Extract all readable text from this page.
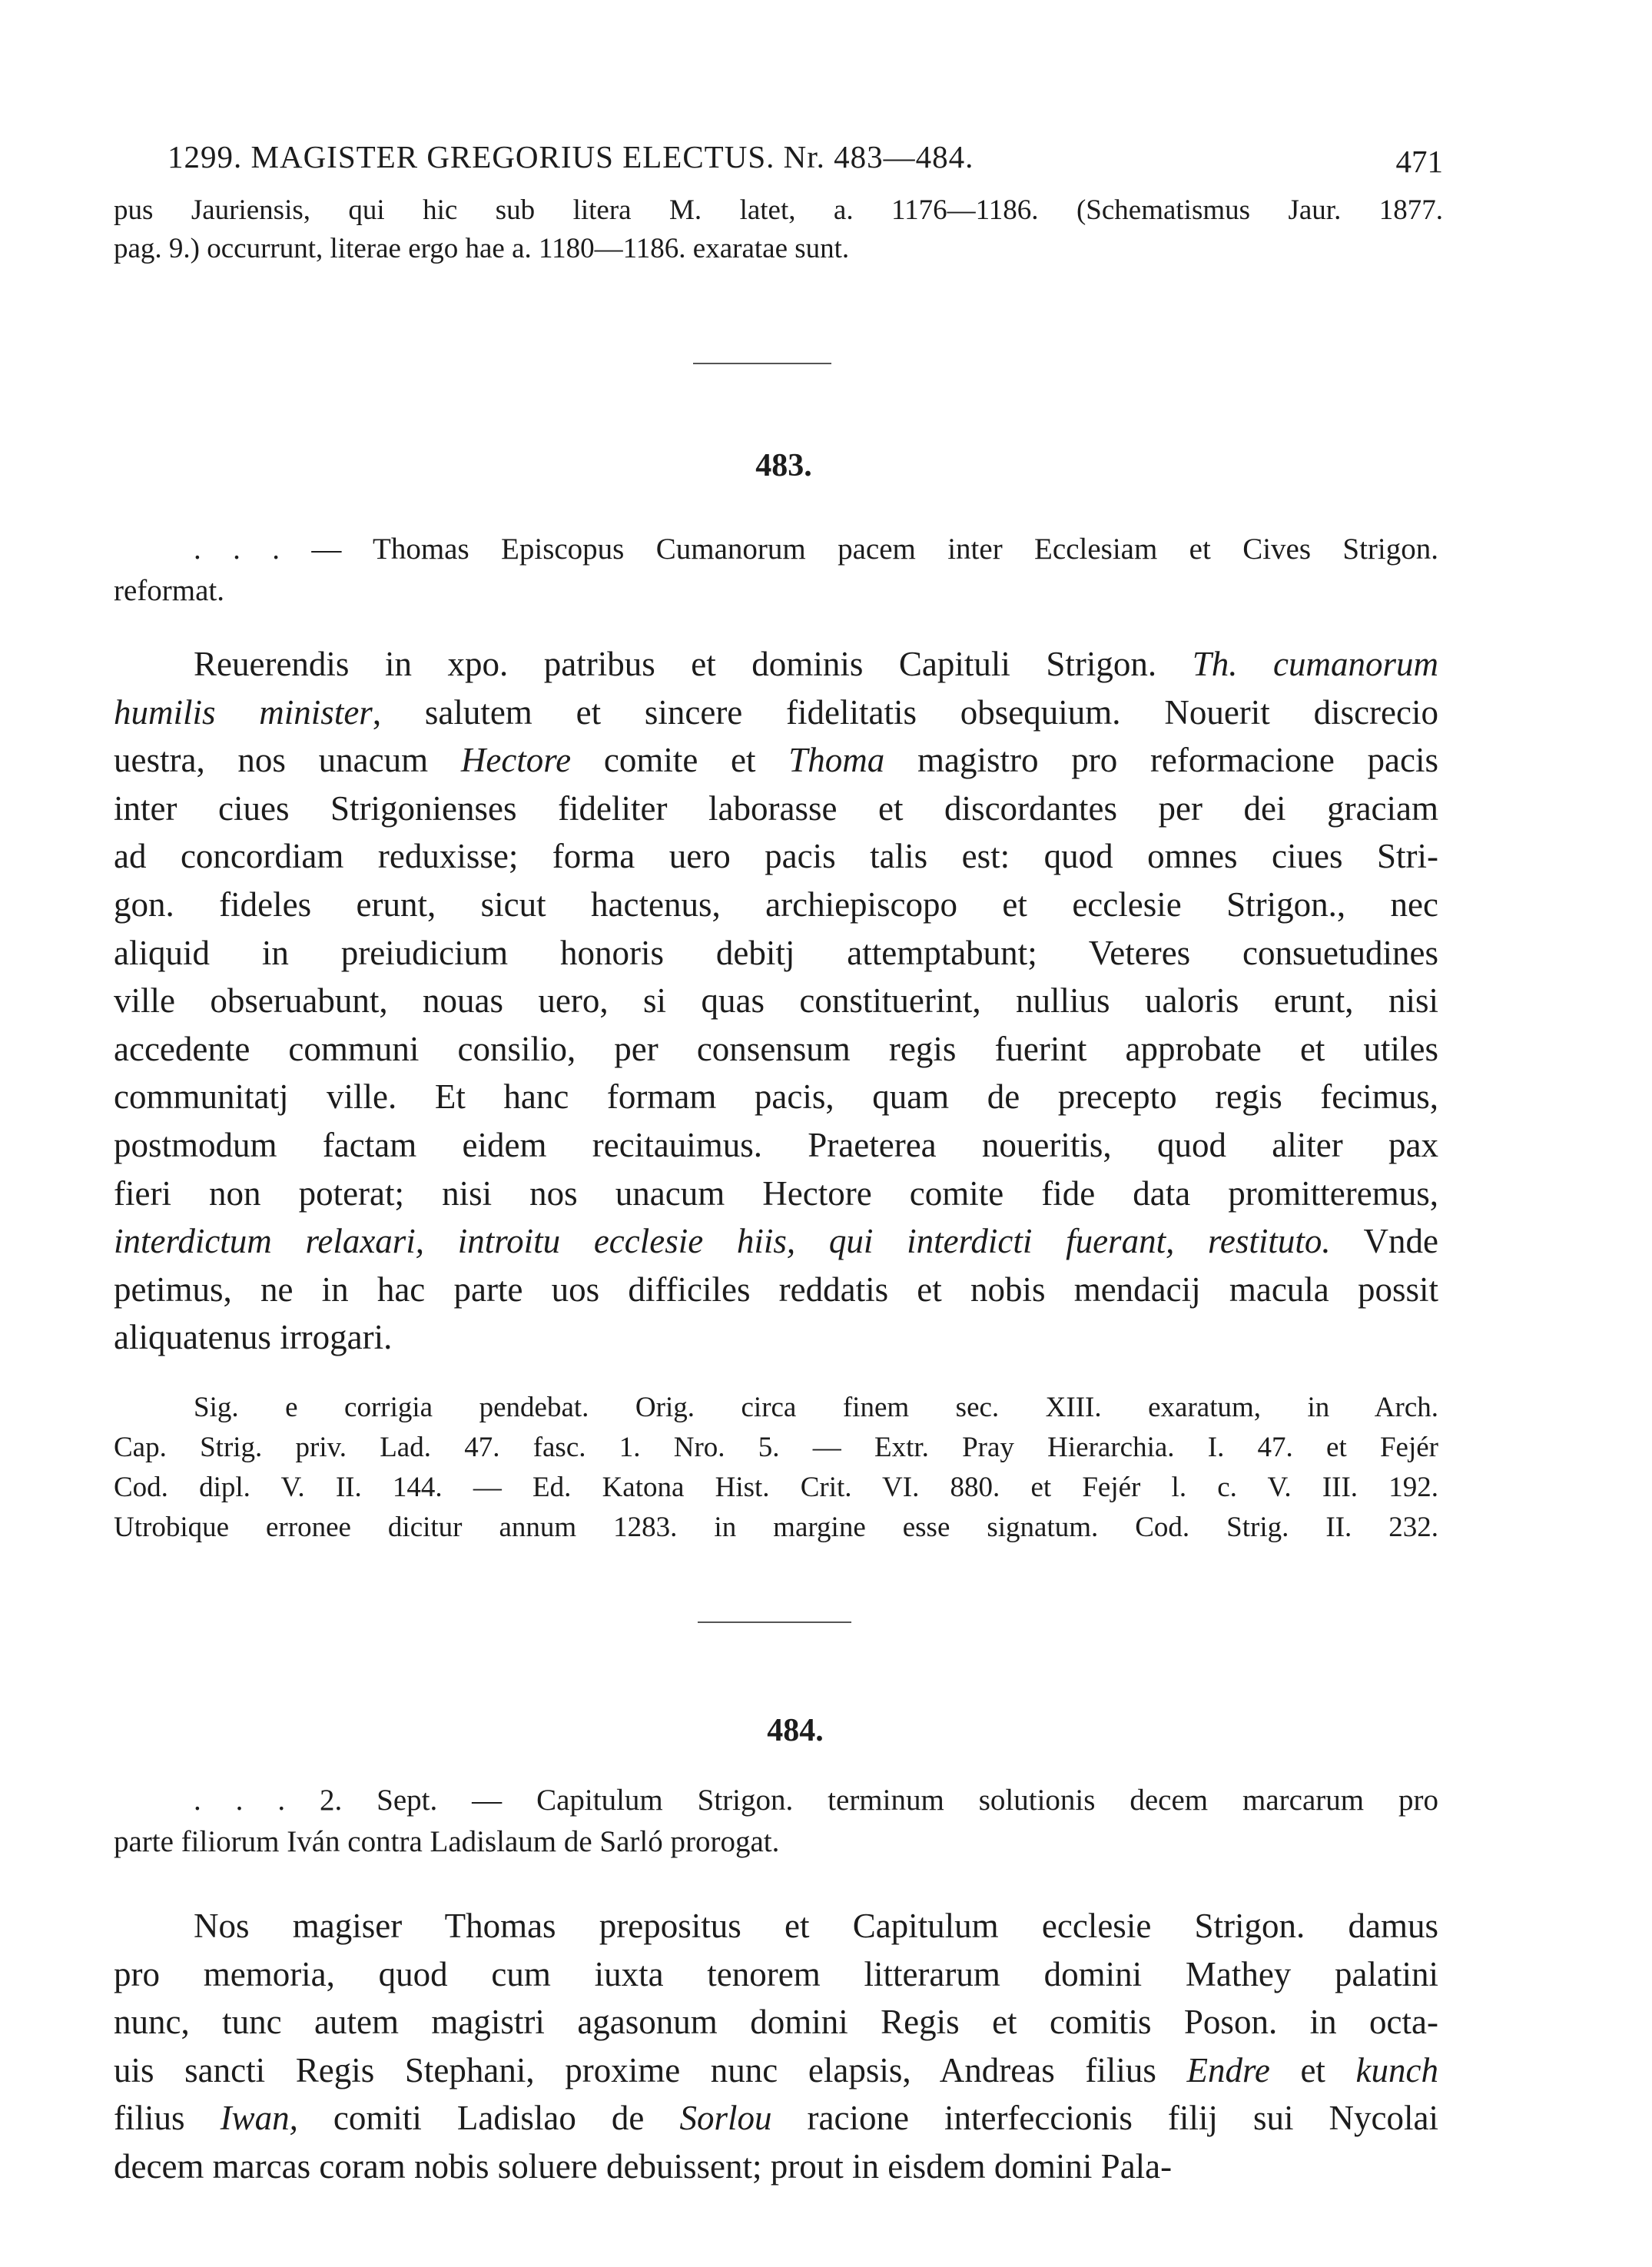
1299. MAGISTER GREGORIUS ELECTUS. Nr. 483—484.	471
pus Jauriensis, qui hic sub litera M. latet, a. 1176—1186. (Schematismus Jaur. 1877.
pag. 9.) occurrunt, literae ergo hae a. 1180—1186. exaratae sunt.
483.
. . . — Thomas Episcopus Cumanorum pacem inter Ecclesiam et Cives Strigon.
reformat.
Reuerendis in xpo. patribus et dominis Capituli Strigon. Th. cumanorum
humilis minister, salutem et sincere fidelitatis obsequium. Nouerit discrecio
uestra, nos unacum Hectore comite et Thoma magistro pro reformacione pacis
inter ciues Strigonienses fideliter laborasse et discordantes per dei graciam
ad concordiam reduxisse; forma uero pacis talis est: quod omnes ciues Stri-
gon. fideles erunt, sicut hactenus, archiepiscopo et ecclesie Strigon., nec
aliquid in preiudicium honoris debitj attemptabunt; Veteres consuetudines
ville obseruabunt, nouas uero, si quas constituerint, nullius ualoris erunt, nisi
accedente communi consilio, per consensum regis fuerint approbate et utiles
communitatj ville. Et hanc formam pacis, quam de precepto regis fecimus,
postmodum factam eidem recitauimus. Praeterea noueritis, quod aliter pax
fieri non poterat; nisi nos unacum Hectore comite fide data promitteremus,
interdictum relaxari, introitu ecclesie hiis, qui interdicti fuerant, restituto. Vnde
petimus, ne in hac parte uos difficiles reddatis et nobis mendacij macula possit
aliquatenus irrogari.
Sig. e corrigia pendebat. Orig. circa finem sec. XIII. exaratum, in Arch.
Cap. Strig. priv. Lad. 47. fasc. 1. Nro. 5. — Extr. Pray Hierarchia. I. 47. et Fejér
Cod. dipl. V. II. 144. — Ed. Katona Hist. Crit. VI. 880. et Fejér l. c. V. III. 192.
Utrobique erronee dicitur annum 1283. in margine esse signatum. Cod. Strig. II. 232.
484.
. . . 2. Sept. — Capitulum Strigon. terminum solutionis decem marcarum pro
parte filiorum Iván contra Ladislaum de Sarló prorogat.
Nos magiser Thomas prepositus et Capitulum ecclesie Strigon. damus
pro memoria, quod cum iuxta tenorem litterarum domini Mathey palatini
nunc, tunc autem magistri agasonum domini Regis et comitis Poson. in octa-
uis sancti Regis Stephani, proxime nunc elapsis, Andreas filius Endre et kunch
filius Iwan, comiti Ladislao de Sorlou racione interfeccionis filij sui Nycolai
decem marcas coram nobis soluere debuissent; prout in eisdem domini Pala-
